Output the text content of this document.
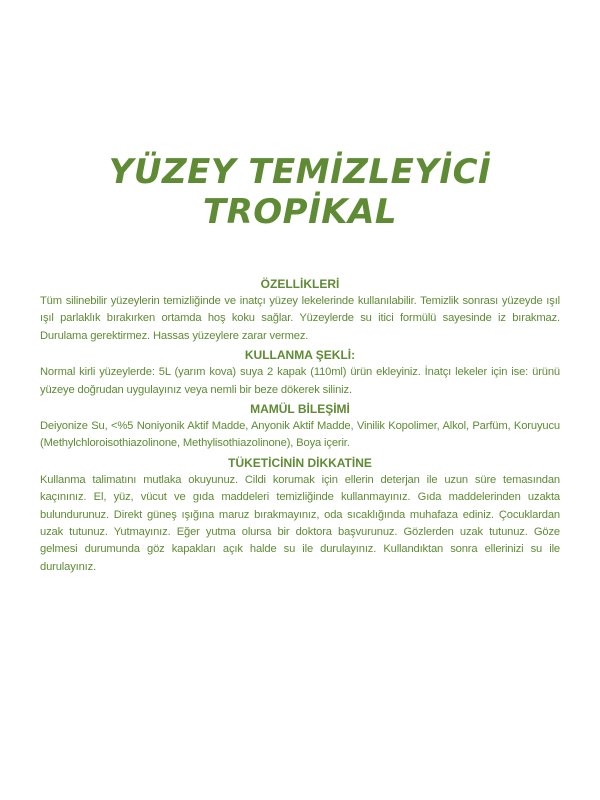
YÜZEY TEMİZLEYİCİ
TROPİKAL
ÖZELLİKLERİ

Tüm silinebilir yüzeylerin temizliğinde ve inatçı yüzey lekelerinde kullanılabilir. Temizlik sonrası yüzeyde ışıl ışıl parlaklık bırakırken ortamda hoş koku sağlar. Yüzeylerde su itici formülü sayesinde iz bırakmaz. Durulama gerektirmez. Hassas yüzeylere zarar vermez.

KULLANMA ŞEKLİ:

Normal kirli yüzeylerde: 5L (yarım kova) suya 2 kapak (110ml) ürün ekleyiniz. İnatçı lekeler için ise: ürünü yüzeye doğrudan uygulayınız veya nemli bir beze dökerek siliniz.

MAMÜL BİLEŞİMİ

Deiyonize Su, <%5 Noniyonik Aktif Madde, Anyonik Aktif Madde, Vinilik Kopolimer, Alkol, Parfüm, Koruyucu (Methylchloroisothiazolinone, Methylisothiazolinone), Boya içerir.

TÜKETİCİNİN DİKKATİNE

Kullanma talimatını mutlaka okuyunuz. Cildi korumak için ellerin deterjan ile uzun süre temasından kaçınınız. El, yüz, vücut ve gıda maddeleri temizliğinde kullanmayınız. Gıda maddelerinden uzakta bulundurunuz. Direkt güneş ışığına maruz bırakmayınız, oda sıcaklığında muhafaza ediniz. Çocuklardan uzak tutunuz. Yutmayınız. Eğer yutma olursa bir doktora başvurunuz. Gözlerden uzak tutunuz. Göze gelmesi durumunda göz kapakları açık halde su ile durulayınız. Kullandıktan sonra ellerinizi su ile durulayınız.
